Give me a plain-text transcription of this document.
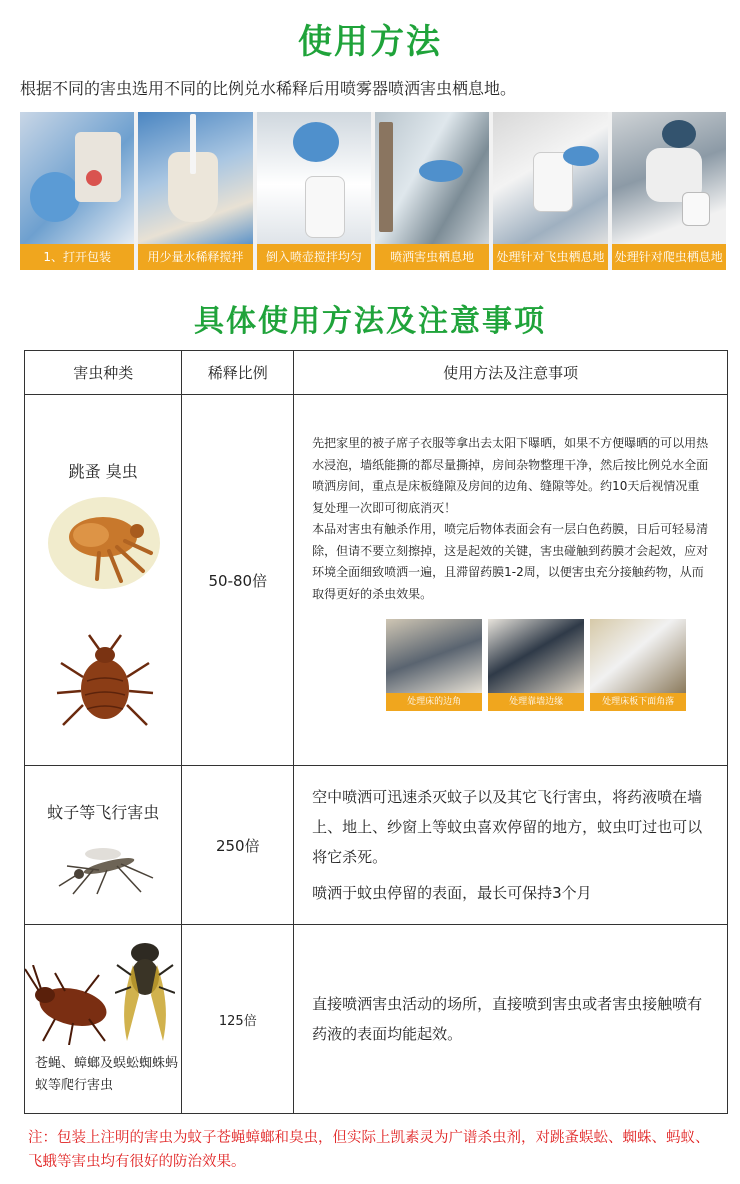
使用方法
根据不同的害虫选用不同的比例兑水稀释后用喷雾器喷洒害虫栖息地。
1、打开包装	用少量水稀释搅拌	倒入喷壶搅拌均匀	喷洒害虫栖息地	处理针对飞虫栖息地 处理针对爬虫栖息地
具体使用方法及注意事项
害虫种类	稀释比例	使用方法及注意事项

跳蚤 臭虫	50-80倍	先把家里的被子席子衣服等拿出去太阳下曝晒，如果不方便曝晒的可以用热水浸泡，墙纸能撕的都尽量撕掉，房间杂物整理干净，然后按比例兑水全面喷洒房间，重点是床板缝隙及房间的边角、缝隙等处。约10天后视情况重复处理一次即可彻底消灭！
本品对害虫有触杀作用，喷完后物体表面会有一层白色药膜，日后可轻易清除，但请不要立刻擦掉，这是起效的关键，害虫碰触到药膜才会起效，应对环境全面细致喷洒一遍，且滞留药膜1-2周，以便害虫充分接触药物，从而取得更好的杀虫效果。
处理床的边角 处理靠墙边缘 处理床板下面角落

蚊子等飞行害虫	250倍	空中喷洒可迅速杀灭蚊子以及其它飞行害虫，将药液喷在墙上、地上、纱窗上等蚊虫喜欢停留的地方，蚊虫叮过也可以将它杀死。
喷洒于蚊虫停留的表面，最长可保持3个月

苍蝇、蟑螂及蜈蚣蜘蛛蚂蚁等爬行害虫	125倍	直接喷洒害虫活动的场所，直接喷到害虫或者害虫接触喷有药液的表面均能起效。
注：包装上注明的害虫为蚊子苍蝇蟑螂和臭虫，但实际上凯素灵为广谱杀虫剂，对跳蚤蜈蚣、蜘蛛、蚂蚁、飞蛾等害虫均有很好的防治效果。
